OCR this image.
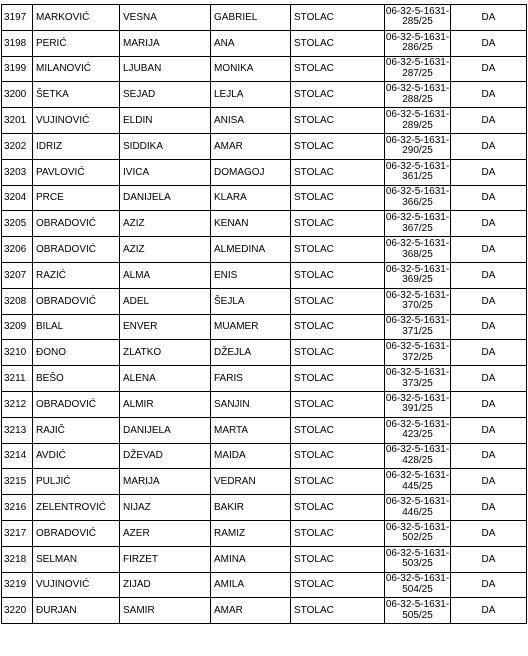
3197	MARKOVIĆ	VESNA	GABRIEL	STOLAC	06-32-5-1631-
285/25	DA
3198	PERIĆ	MARIJA	ANA	STOLAC	06-32-5-1631-
286/25	DA
3199	MILANOVIĆ	LJUBAN	MONIKA	STOLAC	06-32-5-1631-
287/25	DA
3200	ŠETKA	SEJAD	LEJLA	STOLAC	06-32-5-1631-
288/25	DA
3201	VUJINOVIĆ	ELDIN	ANISA	STOLAC	06-32-5-1631-
289/25	DA
3202	IDRIZ	SIDDIKA	AMAR	STOLAC	06-32-5-1631-
290/25	DA
3203	PAVLOVIĆ	IVICA	DOMAGOJ	STOLAC	06-32-5-1631-
361/25	DA
3204	PRCE	DANIJELA	KLARA	STOLAC	06-32-5-1631-
366/25	DA
3205	OBRADOVIĆ	AZIZ	KENAN	STOLAC	06-32-5-1631-
367/25	DA
3206	OBRADOVIĆ	AZIZ	ALMEDINA	STOLAC	06-32-5-1631-
368/25	DA
3207	RAZIĆ	ALMA	ENIS	STOLAC	06-32-5-1631-
369/25	DA
3208	OBRADOVIĆ	ADEL	ŠEJLA	STOLAC	06-32-5-1631-
370/25	DA
3209	BILAL	ENVER	MUAMER	STOLAC	06-32-5-1631-
371/25	DA
3210	ĐONO	ZLATKO	DŽEJLA	STOLAC	06-32-5-1631-
372/25	DA
3211	BEŠO	ALENA	FARIS	STOLAC	06-32-5-1631-
373/25	DA
3212	OBRADOVIĆ	ALMIR	SANJIN	STOLAC	06-32-5-1631-
391/25	DA
3213	RAJIČ	DANIJELA	MARTA	STOLAC	06-32-5-1631-
423/25	DA
3214	AVDIĆ	DŽEVAD	MAIDA	STOLAC	06-32-5-1631-
428/25	DA
3215	PULJIĆ	MARIJA	VEDRAN	STOLAC	06-32-5-1631-
445/25	DA
3216	ZELENTROVIĆ	NIJAZ	BAKIR	STOLAC	06-32-5-1631-
446/25	DA
3217	OBRADOVIĆ	AZER	RAMIZ	STOLAC	06-32-5-1631-
502/25	DA
3218	SELMAN	FIRZET	AMINA	STOLAC	06-32-5-1631-
503/25	DA
3219	VUJINOVIĆ	ZIJAD	AMILA	STOLAC	06-32-5-1631-
504/25	DA
3220	ĐURJAN	SAMIR	AMAR	STOLAC	06-32-5-1631-
505/25	DA
